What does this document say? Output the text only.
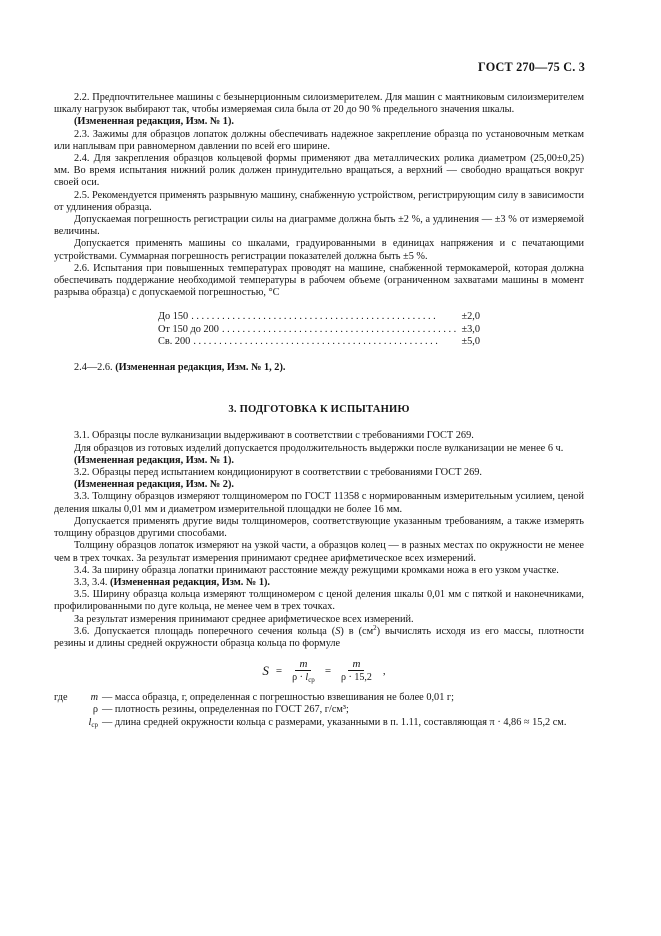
ГОСТ 270—75 С. 3

2.2. Предпочтительнее машины с безынерционным силоизмерителем. Для машин с маятниковым силоизмерителем шкалу нагрузок выбирают так, чтобы измеряемая сила была от 20 до 90 % предельного значения шкалы.

(Измененная редакция, Изм. № 1).

2.3. Зажимы для образцов лопаток должны обеспечивать надежное закрепление образца по установочным меткам или наплывам при равномерном давлении по всей его ширине.

2.4. Для закрепления образцов кольцевой формы применяют два металлических ролика диаметром (25,00±0,25) мм. Во время испытания нижний ролик должен принудительно вращаться, а верхний — свободно вращаться вокруг своей оси.

2.5. Рекомендуется применять разрывную машину, снабженную устройством, регистрирующим силу в зависимости от удлинения образца.

Допускаемая погрешность регистрации силы на диаграмме должна быть ±2 %, а удлинения — ±3 % от измеряемой величины.

Допускается применять машины со шкалами, градуированными в единицах напряжения и с печатающими устройствами. Суммарная погрешность регистрации показателей должна быть ±5 %.

2.6. Испытания при повышенных температурах проводят на машине, снабженной термокамерой, которая должна обеспечивать поддержание необходимой температуры в рабочем объеме (ограниченном захватами машины в момент разрыва образца) с допускаемой погрешностью, °С

До 150 . . .	±2,0
От 150 до 200 . . .	±3,0
Св. 200 . . .	±5,0

2.4—2.6. (Измененная редакция, Изм. № 1, 2).

3. ПОДГОТОВКА К ИСПЫТАНИЮ

3.1. Образцы после вулканизации выдерживают в соответствии с требованиями ГОСТ 269.

Для образцов из готовых изделий допускается продолжительность выдержки после вулканизации не менее 6 ч.

(Измененная редакция, Изм. № 1).

3.2. Образцы перед испытанием кондиционируют в соответствии с требованиями ГОСТ 269.

(Измененная редакция, Изм. № 2).

3.3. Толщину образцов измеряют толщиномером по ГОСТ 11358 с нормированным измерительным усилием, ценой деления шкалы 0,01 мм и диаметром измерительной площадки не более 16 мм.

Допускается применять другие виды толщиномеров, соответствующие указанным требованиям, а также измерять толщину образцов другими способами.

Толщину образцов лопаток измеряют на узкой части, а образцов колец — в разных местах по окружности не менее чем в трех точках. За результат измерения принимают среднее арифметическое всех измерений.

3.4. За ширину образца лопатки принимают расстояние между режущими кромками ножа в его узком участке.

3.3, 3.4. (Измененная редакция, Изм. № 1).

3.5. Ширину образца кольца измеряют толщиномером с ценой деления шкалы 0,01 мм с пяткой и наконечниками, профилированными по дуге кольца, не менее чем в трех точках.

За результат измерения принимают среднее арифметическое всех измерений.

3.6. Допускается площадь поперечного сечения кольца (S) в $(см^2)$ вычислять исходя из его массы, плотности резины и длины средней окружности образца кольца по формуле

$S = \frac{m}{\rho \cdot l_{ср}} = \frac{m}{\rho \cdot 15,2}$ ,
где	m — масса образца, г, определенная с погрешностью взвешивания не более 0,01 г;
ρ — плотность резины, определенная по ГОСТ 267, г/см³;
$l_{ср}$ — длина средней окружности кольца с размерами, указанными в п. 1.11, составляющая π · 4,86 ≈ 15,2 см.
